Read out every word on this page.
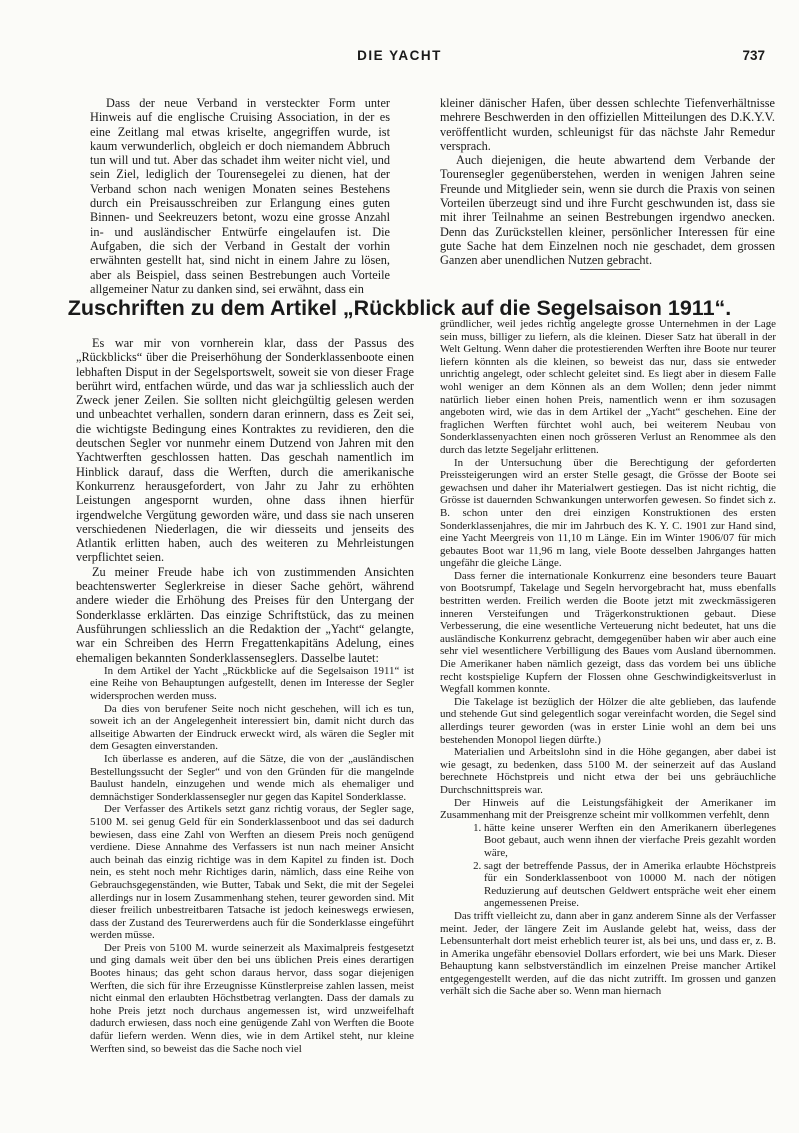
DIE YACHT	737

Dass der neue Verband in versteckter Form unter Hinweis auf die englische Cruising Association, in der es eine Zeitlang mal etwas kriselte, angegriffen wurde, ist kaum verwunderlich, obgleich er doch niemandem Abbruch tun will und tut. Aber das schadet ihm weiter nicht viel, und sein Ziel, lediglich der Tourensegelei zu dienen, hat der Verband schon nach wenigen Monaten seines Bestehens durch ein Preisausschreiben zur Erlangung eines guten Binnen- und Seekreuzers betont, wozu eine grosse Anzahl in- und ausländischer Entwürfe eingelaufen ist. Die Aufgaben, die sich der Verband in Gestalt der vorhin erwähnten gestellt hat, sind nicht in einem Jahre zu lösen, aber als Beispiel, dass seinen Bestrebungen auch Vorteile allgemeiner Natur zu danken sind, sei erwähnt, dass ein

kleiner dänischer Hafen, über dessen schlechte Tiefenverhältnisse mehrere Beschwerden in den offiziellen Mitteilungen des D.K.Y.V. veröffentlicht wurden, schleunigst für das nächste Jahr Remedur versprach.

Auch diejenigen, die heute abwartend dem Verbande der Tourensegler gegenüberstehen, werden in wenigen Jahren seine Freunde und Mitglieder sein, wenn sie durch die Praxis von seinen Vorteilen überzeugt sind und ihre Furcht geschwunden ist, dass sie mit ihrer Teilnahme an seinen Bestrebungen irgendwo anecken. Denn das Zurückstellen kleiner, persönlicher Interessen für eine gute Sache hat dem Einzelnen noch nie geschadet, dem grossen Ganzen aber unendlichen Nutzen gebracht.

Zuschriften zu dem Artikel „Rückblick auf die Segelsaison 1911“.

Es war mir von vornherein klar, dass der Passus des „Rückblicks“ über die Preiserhöhung der Sonderklassenboote einen lebhaften Disput in der Segelsportswelt, soweit sie von dieser Frage berührt wird, entfachen würde, und das war ja schliesslich auch der Zweck jener Zeilen. Sie sollten nicht gleichgültig gelesen werden und unbeachtet verhallen, sondern daran erinnern, dass es Zeit sei, die wichtigste Bedingung eines Kontraktes zu revidieren, den die deutschen Segler vor nunmehr einem Dutzend von Jahren mit den Yachtwerften geschlossen hatten. Das geschah namentlich im Hinblick darauf, dass die Werften, durch die amerikanische Konkurrenz herausgefordert, von Jahr zu Jahr zu erhöhten Leistungen angespornt wurden, ohne dass ihnen hierfür irgendwelche Vergütung geworden wäre, und dass sie nach unseren verschiedenen Niederlagen, die wir diesseits und jenseits des Atlantik erlitten haben, auch des weiteren zu Mehrleistungen verpflichtet seien.

Zu meiner Freude habe ich von zustimmenden Ansichten beachtenswerter Seglerkreise in dieser Sache gehört, während andere wieder die Erhöhung des Preises für den Untergang der Sonderklasse erklärten. Das einzige Schriftstück, das zu meinen Ausführungen schliesslich an die Redaktion der „Yacht“ gelangte, war ein Schreiben des Herrn Fregattenkapitäns Adelung, eines ehemaligen bekannten Sonderklassenseglers. Dasselbe lautet:

In dem Artikel der Yacht „Rückblicke auf die Segelsaison 1911“ ist eine Reihe von Behauptungen aufgestellt, denen im Interesse der Segler widersprochen werden muss.

Da dies von berufener Seite noch nicht geschehen, will ich es tun, soweit ich an der Angelegenheit interessiert bin, damit nicht durch das allseitige Abwarten der Eindruck erweckt wird, als wären die Segler mit dem Gesagten einverstanden.

Ich überlasse es anderen, auf die Sätze, die von der „ausländischen Bestellungssucht der Segler“ und von den Gründen für die mangelnde Baulust handeln, einzugehen und wende mich als ehemaliger und demnächstiger Sonderklassensegler nur gegen das Kapitel Sonderklasse.

Der Verfasser des Artikels setzt ganz richtig voraus, der Segler sage, 5100 M. sei genug Geld für ein Sonderklassenboot und das sei dadurch bewiesen, dass eine Zahl von Werften an diesem Preis noch genügend verdiene. Diese Annahme des Verfassers ist nun nach meiner Ansicht auch beinah das einzig richtige was in dem Kapitel zu finden ist. Doch nein, es steht noch mehr Richtiges darin, nämlich, dass eine Reihe von Gebrauchsgegenständen, wie Butter, Tabak und Sekt, die mit der Segelei allerdings nur in losem Zusammenhang stehen, teurer geworden sind. Mit dieser freilich unbestreitbaren Tatsache ist jedoch keineswegs erwiesen, dass der Zustand des Teurerwerdens auch für die Sonderklasse eingeführt werden müsse.

Der Preis von 5100 M. wurde seinerzeit als Maximalpreis festgesetzt und ging damals weit über den bei uns üblichen Preis eines derartigen Bootes hinaus; das geht schon daraus hervor, dass sogar diejenigen Werften, die sich für ihre Erzeugnisse Künstlerpreise zahlen lassen, meist nicht einmal den erlaubten Höchstbetrag verlangten. Dass der damals zu hohe Preis jetzt noch durchaus angemessen ist, wird unzweifelhaft dadurch erwiesen, dass noch eine genügende Zahl von Werften die Boote dafür liefern werden. Wenn dies, wie in dem Artikel steht, nur kleine Werften sind, so beweist das die Sache noch viel

gründlicher, weil jedes richtig angelegte grosse Unternehmen in der Lage sein muss, billiger zu liefern, als die kleinen. Dieser Satz hat überall in der Welt Geltung. Wenn daher die protestierenden Werften ihre Boote nur teurer liefern könnten als die kleinen, so beweist das nur, dass sie entweder unrichtig angelegt, oder schlecht geleitet sind. Es liegt aber in diesem Falle wohl weniger an dem Können als an dem Wollen; denn jeder nimmt natürlich lieber einen hohen Preis, namentlich wenn er ihm sozusagen angeboten wird, wie das in dem Artikel der „Yacht“ geschehen. Eine der fraglichen Werften fürchtet wohl auch, bei weiterem Neubau von Sonderklassenyachten einen noch grösseren Verlust an Renommee als den durch das letzte Segeljahr erlittenen.

In der Untersuchung über die Berechtigung der geforderten Preissteigerungen wird an erster Stelle gesagt, die Grösse der Boote sei gewachsen und daher ihr Materialwert gestiegen. Das ist nicht richtig, die Grösse ist dauernden Schwankungen unterworfen gewesen. So findet sich z. B. schon unter den drei einzigen Konstruktionen des ersten Sonderklassenjahres, die mir im Jahrbuch des K. Y. C. 1901 zur Hand sind, eine Yacht Meergreis von 11,10 m Länge. Ein im Winter 1906/07 für mich gebautes Boot war 11,96 m lang, viele Boote desselben Jahrganges hatten ungefähr die gleiche Länge.

Dass ferner die internationale Konkurrenz eine besonders teure Bauart von Bootsrumpf, Takelage und Segeln hervorgebracht hat, muss ebenfalls bestritten werden. Freilich werden die Boote jetzt mit zweckmässigeren inneren Versteifungen und Trägerkonstruktionen gebaut. Diese Verbesserung, die eine wesentliche Verteuerung nicht bedeutet, hat uns die ausländische Konkurrenz gebracht, demgegenüber haben wir aber auch eine sehr viel wesentlichere Verbilligung des Baues vom Ausland übernommen. Die Amerikaner haben nämlich gezeigt, dass das vordem bei uns übliche recht kostspielige Kupfern der Flossen ohne Geschwindigkeitsverlust in Wegfall kommen konnte.

Die Takelage ist bezüglich der Hölzer die alte geblieben, das laufende und stehende Gut sind gelegentlich sogar vereinfacht worden, die Segel sind allerdings teurer geworden (was in erster Linie wohl an dem bei uns bestehenden Monopol liegen dürfte.)

Materialien und Arbeitslohn sind in die Höhe gegangen, aber dabei ist wie gesagt, zu bedenken, dass 5100 M. der seinerzeit auf das Ausland berechnete Höchstpreis und nicht etwa der bei uns gebräuchliche Durchschnittspreis war.

Der Hinweis auf die Leistungsfähigkeit der Amerikaner im Zusammenhang mit der Preisgrenze scheint mir vollkommen verfehlt, denn

1. hätte keine unserer Werften ein den Amerikanern überlegenes Boot gebaut, auch wenn ihnen der vierfache Preis gezahlt worden wäre,
2. sagt der betreffende Passus, der in Amerika erlaubte Höchstpreis für ein Sonderklassenboot von 10000 M. nach der nötigen Reduzierung auf deutschen Geldwert entspräche weit eher einem angemessenen Preise.

Das trifft vielleicht zu, dann aber in ganz anderem Sinne als der Verfasser meint. Jeder, der längere Zeit im Auslande gelebt hat, weiss, dass der Lebensunterhalt dort meist erheblich teurer ist, als bei uns, und dass er, z. B. in Amerika ungefähr ebensoviel Dollars erfordert, wie bei uns Mark. Dieser Behauptung kann selbstverständlich im einzelnen Preise mancher Artikel entgegengestellt werden, auf die das nicht zutrifft. Im grossen und ganzen verhält sich die Sache aber so. Wenn man hiernach
